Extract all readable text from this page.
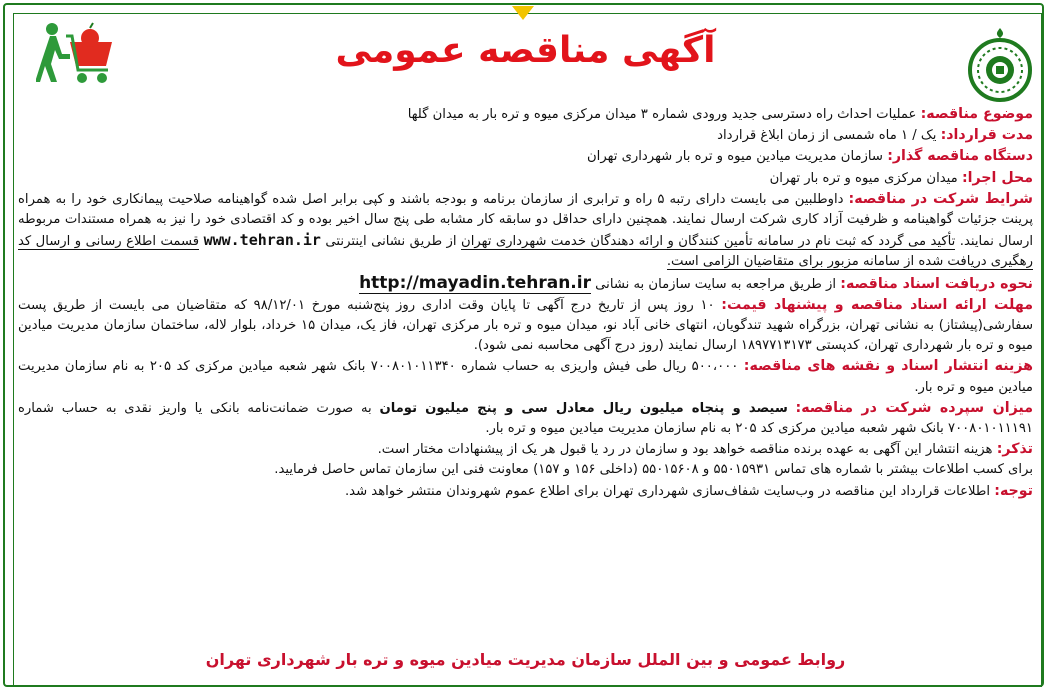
آگهی مناقصه عمومی

موضوع مناقصه: عملیات احداث راه دسترسی جدید ورودی شماره ۳ میدان مرکزی میوه و تره بار به میدان گلها

مدت قرارداد: یک / ۱ ماه شمسی از زمان ابلاغ قرارداد

دستگاه مناقصه گذار: سازمان مدیریت میادین میوه و تره بار شهرداری تهران

محل اجرا: میدان مرکزی میوه و تره بار تهران

شرایط شرکت در مناقصه: داوطلبین می بایست دارای رتبه ۵ راه و ترابری از سازمان برنامه و بودجه باشند و کپی برابر اصل شده گواهینامه صلاحیت پیمانکاری خود را به همراه پرینت جزئیات گواهینامه و ظرفیت آزاد کاری شرکت ارسال نمایند. همچنین دارای حداقل دو سابقه کار مشابه طی پنج سال اخیر بوده و کد اقتصادی خود را نیز به همراه مستندات مربوطه ارسال نمایند. تأکید می گردد که ثبت نام در سامانه تأمین کنندگان و ارائه دهندگان خدمت شهرداری تهران از طریق نشانی اینترنتی www.tehran.ir قسمت اطلاع رسانی و ارسال کد رهگیری دریافت شده از سامانه مزبور برای متقاضیان الزامی است.

نحوه دریافت اسناد مناقصه: از طریق مراجعه به سایت سازمان به نشانی http://mayadin.tehran.ir

مهلت ارائه اسناد مناقصه و پیشنهاد قیمت: ۱۰ روز پس از تاریخ درج آگهی تا پایان وقت اداری روز پنج‌شنبه مورخ ۹۸/۱۲/۰۱ که متقاضیان می بایست از طریق پست سفارشی(پیشتاز) به نشانی تهران، بزرگراه شهید تندگویان، انتهای خانی آباد نو، میدان میوه و تره بار مرکزی تهران، فاز یک، میدان ۱۵ خرداد، بلوار لاله، ساختمان سازمان مدیریت میادین میوه و تره بار شهرداری تهران، کدپستی ۱۸۹۷۷۱۳۱۷۳ ارسال نمایند (روز درج آگهی محاسبه نمی شود).

هزینه انتشار اسناد و نقشه های مناقصه: ۵۰۰،۰۰۰ ریال طی فیش واریزی به حساب شماره ۷۰۰۸۰۱۰۱۱۳۴۰ بانک شهر شعبه میادین مرکزی کد ۲۰۵ به نام سازمان مدیریت میادین میوه و تره بار.

میزان سپرده شرکت در مناقصه: سیصد و پنجاه میلیون ریال معادل سی و پنج میلیون تومان به صورت ضمانت‌نامه بانکی یا واریز نقدی به حساب شماره ۷۰۰۸۰۱۰۱۱۱۹۱ بانک شهر شعبه میادین مرکزی کد ۲۰۵ به نام سازمان مدیریت میادین میوه و تره بار.

تذکر: هزینه انتشار این آگهی به عهده برنده مناقصه خواهد بود و سازمان در رد یا قبول هر یک از پیشنهادات مختار است.

برای کسب اطلاعات بیشتر با شماره های تماس ۵۵۰۱۵۹۳۱ و ۵۵۰۱۵۶۰۸ (داخلی ۱۵۶ و ۱۵۷) معاونت فنی این سازمان تماس حاصل فرمایید.

توجه: اطلاعات قرارداد این مناقصه در وب‌سایت شفاف‌سازی شهرداری تهران برای اطلاع عموم شهروندان منتشر خواهد شد.

روابط عمومی و بین الملل سازمان مدیریت میادین میوه و تره بار شهرداری تهران
